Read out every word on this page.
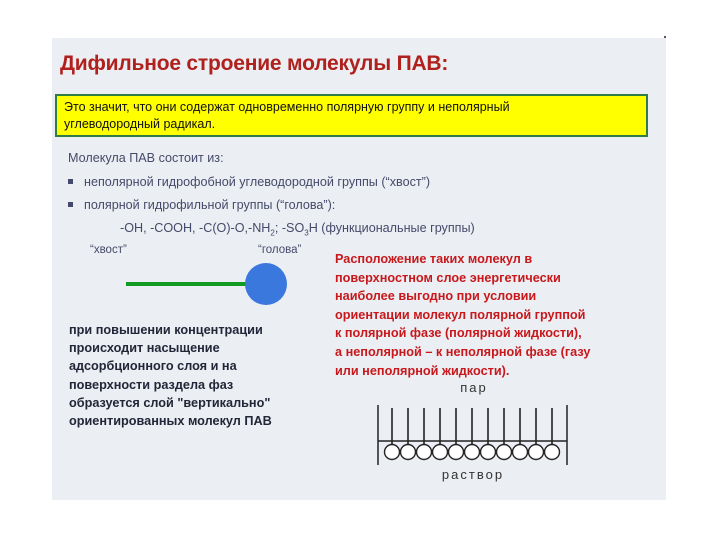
Дифильное строение молекулы ПАВ:
Это значит, что они содержат одновременно полярную группу и неполярный
углеводородный радикал.
Молекула ПАВ состоит из:
неполярной гидрофобной углеводородной группы (“хвост”)
полярной гидрофильной группы (“голова”):
-OH, -COOH, $-C(O)-O,-NH_2$; $-SO_3H$ (функциональные группы)
“хвост”	“голова”
Расположение таких молекул в
поверхностном слое энергетически
наиболее выгодно при условии
ориентации молекул полярной группой
к полярной фазе (полярной жидкости),
а неполярной – к неполярной фазе (газу
или неполярной жидкости).
при повышении концентрации
происходит насыщение
адсорбционного слоя и на
поверхности раздела фаз
образуется слой "вертикально"
ориентированных молекул ПАВ
пар
раствор
